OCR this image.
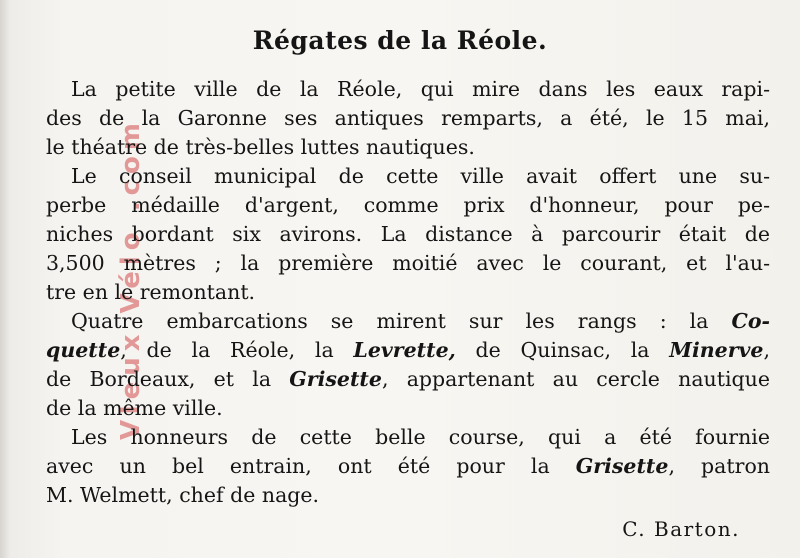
Vieux Vélo .com
Régates de la Réole.
La petite ville de la Réole, qui mire dans les eaux rapi-
des de la Garonne ses antiques remparts, a été, le 15 mai,
le théatre de très-belles luttes nautiques.
Le conseil municipal de cette ville avait offert une su-
perbe médaille d'argent, comme prix d'honneur, pour pe-
niches bordant six avirons. La distance à parcourir était de
3,500 mètres ; la première moitié avec le courant, et l'au-
tre en le remontant.
Quatre embarcations se mirent sur les rangs : la Co-
quette, de la Réole, la Levrette, de Quinsac, la Minerve,
de Bordeaux, et la Grisette, appartenant au cercle nautique
de la même ville.
Les honneurs de cette belle course, qui a été fournie
avec un bel entrain, ont été pour la Grisette, patron
M. Welmett, chef de nage.
C. Barton.
